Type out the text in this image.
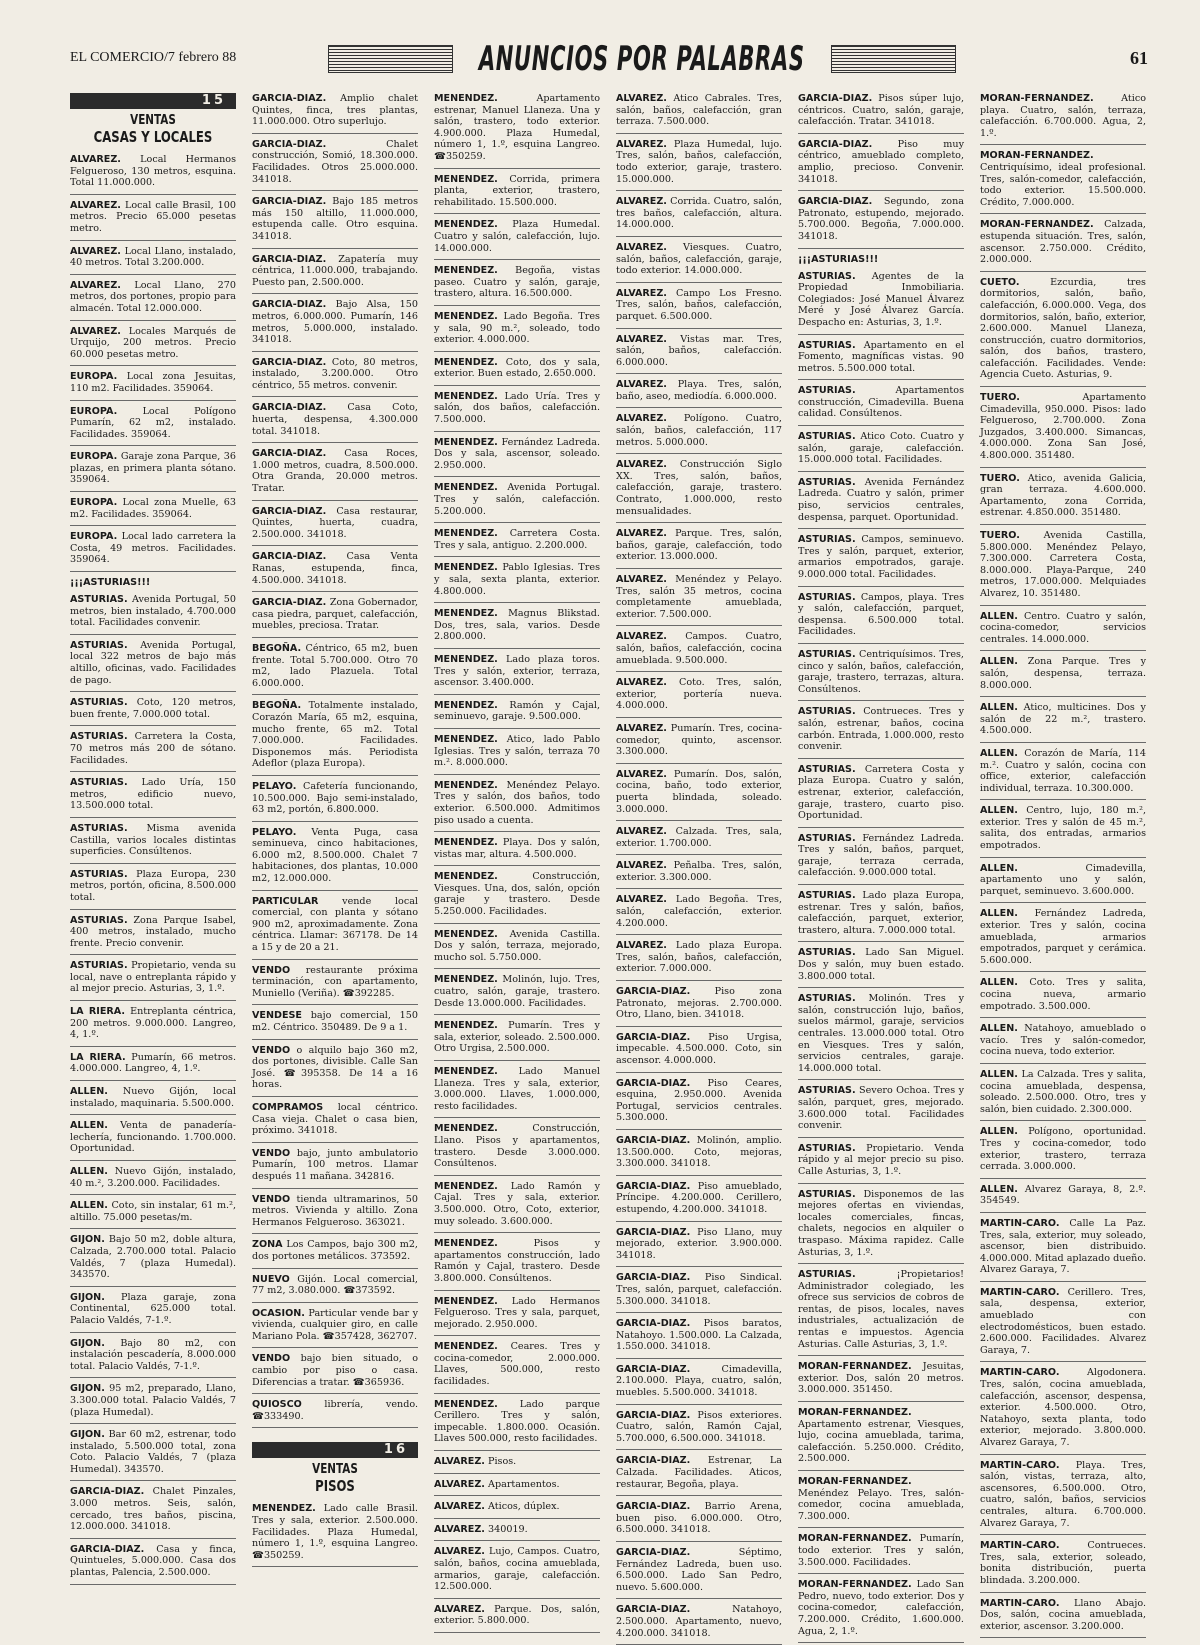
EL COMERCIO/7 febrero 88	ANUNCIOS POR PALABRAS	61
15
VENTAS
CASAS Y LOCALES
ALVAREZ. Local Hermanos Felgueroso, 130 metros, esquina. Total 11.000.000.
ALVAREZ. Local calle Brasil, 100 metros. Precio 65.000 pesetas metro.
ALVAREZ. Local Llano, instalado, 40 metros. Total 3.200.000.
ALVAREZ. Local Llano, 270 metros, dos portones, propio para almacén. Total 12.000.000.
ALVAREZ. Locales Marqués de Urquijo, 200 metros. Precio 60.000 pesetas metro.
EUROPA. Local zona Jesuitas, 110 m2. Facilidades. 359064.
EUROPA.	Local Polígono Pumarín, 62 m2, instalado. Facilidades. 359064.
EUROPA. Garaje zona Parque, 36 plazas, en primera planta sótano. 359064.
EUROPA. Local zona Muelle, 63 m2. Facilidades. 359064.
EUROPA. Local lado carretera la Costa, 49 metros. Facilidades. 359064.
¡¡¡ASTURIAS!!!
ASTURIAS. Avenida Portugal, 50 metros, bien instalado, 4.700.000 total. Facilidades convenir.
ASTURIAS. Avenida Portugal, local 322 metros de bajo más altillo, oficinas, vado. Facilidades de pago.
ASTURIAS. Coto, 120 metros, buen frente, 7.000.000 total.
ASTURIAS. Carretera la Costa, 70 metros más 200 de sótano. Facilidades.
ASTURIAS. Lado Uría, 150 metros, edificio nuevo, 13.500.000 total.
ASTURIAS. Misma avenida Castilla, varios locales distintas superficies. Consúltenos.
ASTURIAS. Plaza Europa, 230 metros, portón, oficina, 8.500.000 total.
ASTURIAS. Zona Parque Isabel, 400 metros, instalado, mucho frente. Precio convenir.
ASTURIAS. Propietario, venda su local, nave o entreplanta rápido y al mejor precio. Asturias, 3, 1.º.
LA RIERA. Entreplanta céntrica, 200 metros. 9.000.000. Langreo, 4, 1.º.
LA RIERA. Pumarín, 66 metros. 4.000.000. Langreo, 4, 1.º.
ALLEN. Nuevo Gijón, local instalado, maquinaria. 5.500.000.
ALLEN. Venta de panadería-lechería, funcionando. 1.700.000. Oportunidad.
ALLEN. Nuevo Gijón, instalado, 40 m.², 3.200.000. Facilidades.
ALLEN. Coto, sin instalar, 61 m.², altillo. 75.000 pesetas/m.
GIJON. Bajo 50 m2, doble altura, Calzada, 2.700.000 total. Palacio Valdés, 7 (plaza Humedal). 343570.
GIJON. Plaza garaje, zona Continental, 625.000 total. Palacio Valdés, 7-1.º.
GIJON. Bajo 80 m2, con instalación pescadería, 8.000.000 total. Palacio Valdés, 7-1.º.
GIJON. 95 m2, preparado, Llano, 3.300.000 total. Palacio Valdés, 7 (plaza Humedal).
GIJON. Bar 60 m2, estrenar, todo instalado, 5.500.000 total, zona Coto. Palacio Valdés, 7 (plaza Humedal). 343570.
GARCIA-DIAZ. Chalet Pinzales, 3.000 metros. Seis, salón, cercado, tres baños, piscina, 12.000.000. 341018.
GARCIA-DIAZ. Casa y finca, Quintueles, 5.000.000. Casa dos plantas, Palencia, 2.500.000.
GARCIA-DIAZ. Amplio chalet Quintes, finca, tres plantas, 11.000.000. Otro superlujo.
GARCIA-DIAZ.	Chalet construcción, Somió, 18.300.000. Facilidades. Otros 25.000.000. 341018.
GARCIA-DIAZ. Bajo 185 metros más 150 altillo, 11.000.000, estupenda calle. Otro esquina. 341018.
GARCIA-DIAZ. Zapatería muy céntrica, 11.000.000, trabajando. Puesto pan, 2.500.000.
GARCIA-DIAZ. Bajo Alsa, 150 metros, 6.000.000. Pumarín, 146 metros, 5.000.000, instalado. 341018.
GARCIA-DIAZ. Coto, 80 metros, instalado, 3.200.000. Otro céntrico, 55 metros. convenir.
GARCIA-DIAZ. Casa Coto, huerta, despensa, 4.300.000 total. 341018.
GARCIA-DIAZ. Casa Roces, 1.000 metros, cuadra, 8.500.000. Otra Granda, 20.000 metros. Tratar.
GARCIA-DIAZ. Casa restaurar, Quintes, huerta, cuadra, 2.500.000. 341018.
GARCIA-DIAZ. Casa Venta Ranas, estupenda, finca, 4.500.000. 341018.
GARCIA-DIAZ. Zona Gobernador, casa piedra, parquet, calefacción, muebles, preciosa. Tratar.
BEGOÑA. Céntrico, 65 m2, buen frente. Total 5.700.000. Otro 70 m2, lado Plazuela. Total 6.000.000.
BEGOÑA. Totalmente instalado, Corazón María, 65 m2, esquina, mucho frente, 65 m2. Total 7.000.000. Facilidades. Disponemos más. Periodista Adeflor (plaza Europa).
PELAYO. Cafetería funcionando, 10.500.000. Bajo semi-instalado, 63 m2, portón, 6.800.000.
PELAYO. Venta Puga, casa seminueva, cinco habitaciones, 6.000 m2, 8.500.000. Chalet 7 habitaciones, dos plantas, 10.000 m2, 12.000.000.
PARTICULAR vende local comercial, con planta y sótano 900 m2, aproximadamente. Zona céntrica. Llamar: 367178. De 14 a 15 y de 20 a 21.
VENDO restaurante próxima terminación, con apartamento, Muniello (Veriña). ☎392285.
VENDESE bajo comercial, 150 m2. Céntrico. 350489. De 9 a 1.
VENDO o alquilo bajo 360 m2, dos portones, divisible. Calle San José. ☎395358. De 14 a 16 horas.
COMPRAMOS local céntrico. Casa vieja. Chalet o casa bien, próximo. 341018.
VENDO bajo, junto ambulatorio Pumarín, 100 metros. Llamar después 11 mañana. 342816.
VENDO tienda ultramarinos, 50 metros. Vivienda y altillo. Zona Hermanos Felgueroso. 363021.
ZONA Los Campos, bajo 300 m2, dos portones metálicos. 373592.
NUEVO Gijón. Local comercial, 77 m2, 3.080.000. ☎373592.
OCASION. Particular vende bar y vivienda, cualquier giro, en calle Mariano Pola. ☎357428, 362707.
VENDO bajo bien situado, o cambio por piso o casa. Diferencias a tratar. ☎365936.
QUIOSCO librería, vendo. ☎333490.
16
VENTAS
PISOS
MENENDEZ. Lado calle Brasil. Tres y sala, exterior. 2.500.000. Facilidades. Plaza Humedal, número 1, 1.º, esquina Langreo. ☎350259.
MENENDEZ.	Apartamento estrenar, Manuel Llaneza. Una y salón, trastero, todo exterior. 4.900.000. Plaza Humedal, número 1, 1.º, esquina Langreo. ☎350259.
MENENDEZ. Corrida, primera planta, exterior, trastero, rehabilitado. 15.500.000.
MENENDEZ. Plaza Humedal. Cuatro y salón, calefacción, lujo. 14.000.000.
MENENDEZ. Begoña, vistas paseo. Cuatro y salón, garaje, trastero, altura. 16.500.000.
MENENDEZ. Lado Begoña. Tres y sala, 90 m.², soleado, todo exterior. 4.000.000.
MENENDEZ. Coto, dos y sala, exterior. Buen estado, 2.650.000.
MENENDEZ. Lado Uría. Tres y salón, dos baños, calefacción. 7.500.000.
MENENDEZ. Fernández Ladreda. Dos y sala, ascensor, soleado. 2.950.000.
MENENDEZ. Avenida Portugal. Tres y salón, calefacción. 5.200.000.
MENENDEZ. Carretera Costa. Tres y sala, antiguo. 2.200.000.
MENENDEZ. Pablo Iglesias. Tres y sala, sexta planta, exterior. 4.800.000.
MENENDEZ. Magnus Blikstad. Dos, tres, sala, varios. Desde 2.800.000.
MENENDEZ. Lado plaza toros. Tres y salón, exterior, terraza, ascensor. 3.400.000.
MENENDEZ. Ramón y Cajal, seminuevo, garaje. 9.500.000.
MENENDEZ. Atico, lado Pablo Iglesias. Tres y salón, terraza 70 m.². 8.000.000.
MENENDEZ. Menéndez Pelayo. Tres y salón, dos baños, todo exterior. 6.500.000. Admitimos piso usado a cuenta.
MENENDEZ. Playa. Dos y salón, vistas mar, altura. 4.500.000.
MENENDEZ.	Construcción, Viesques. Una, dos, salón, opción garaje y trastero. Desde 5.250.000. Facilidades.
MENENDEZ. Avenida Castilla. Dos y salón, terraza, mejorado, mucho sol. 5.750.000.
MENENDEZ. Molinón, lujo. Tres, cuatro, salón, garaje, trastero. Desde 13.000.000. Facilidades.
MENENDEZ. Pumarín. Tres y sala, exterior, soleado. 2.500.000. Otro Urgisa, 2.500.000.
MENENDEZ. Lado Manuel Llaneza. Tres y sala, exterior, 3.000.000. Llaves, 1.000.000, resto facilidades.
MENENDEZ.	Construcción, Llano. Pisos y apartamentos, trastero. Desde 3.000.000. Consúltenos.
MENENDEZ. Lado Ramón y Cajal. Tres y sala, exterior. 3.500.000. Otro, Coto, exterior, muy soleado. 3.600.000.
MENENDEZ.	Pisos y apartamentos construcción, lado Ramón y Cajal, trastero. Desde 3.800.000. Consúltenos.
MENENDEZ. Lado Hermanos Felgueroso. Tres y sala, parquet, mejorado. 2.950.000.
MENENDEZ. Ceares. Tres y cocina-comedor, 2.000.000. Llaves, 500.000, resto facilidades.
MENENDEZ. Lado parque Cerillero. Tres y salón, impecable. 1.800.000. Ocasión. Llaves 500.000, resto facilidades.
ALVAREZ. Pisos.
ALVAREZ. Apartamentos.
ALVAREZ. Aticos, dúplex.
ALVAREZ. 340019.
ALVAREZ. Lujo, Campos. Cuatro, salón, baños, cocina amueblada, armarios, garaje, calefacción. 12.500.000.
ALVAREZ. Parque. Dos, salón, exterior. 5.800.000.
ALVAREZ. Atico Cabrales. Tres, salón, baños, calefacción, gran terraza. 7.500.000.
ALVAREZ. Plaza Humedal, lujo. Tres, salón, baños, calefacción, todo exterior, garaje, trastero. 15.000.000.
ALVAREZ. Corrida. Cuatro, salón, tres baños, calefacción, altura. 14.000.000.
ALVAREZ. Viesques. Cuatro, salón, baños, calefacción, garaje, todo exterior. 14.000.000.
ALVAREZ. Campo Los Fresno. Tres, salón, baños, calefacción, parquet. 6.500.000.
ALVAREZ. Vistas mar. Tres, salón, baños, calefacción. 6.000.000.
ALVAREZ. Playa. Tres, salón, baño, aseo, mediodía. 6.000.000.
ALVAREZ. Polígono. Cuatro, salón, baños, calefacción, 117 metros. 5.000.000.
ALVAREZ. Construcción Siglo XX. Tres, salón, baños, calefacción, garaje, trastero. Contrato, 1.000.000, resto mensualidades.
ALVAREZ. Parque. Tres, salón, baños, garaje, calefacción, todo exterior. 13.000.000.
ALVAREZ. Menéndez y Pelayo. Tres, salón 35 metros, cocina completamente amueblada, exterior. 7.500.000.
ALVAREZ. Campos. Cuatro, salón, baños, calefacción, cocina amueblada. 9.500.000.
ALVAREZ. Coto. Tres, salón, exterior, portería nueva. 4.000.000.
ALVAREZ. Pumarín. Tres, cocina-comedor, quinto, ascensor. 3.300.000.
ALVAREZ. Pumarín. Dos, salón, cocina, baño, todo exterior, puerta blindada, soleado. 3.000.000.
ALVAREZ. Calzada. Tres, sala, exterior. 1.700.000.
ALVAREZ. Peñalba. Tres, salón, exterior. 3.300.000.
ALVAREZ. Lado Begoña. Tres, salón, calefacción, exterior. 4.200.000.
ALVAREZ. Lado plaza Europa. Tres, salón, baños, calefacción, exterior. 7.000.000.
GARCIA-DIAZ.	Piso zona Patronato, mejoras. 2.700.000. Otro, Llano, bien. 341018.
GARCIA-DIAZ. Piso Urgisa, impecable. 4.500.000. Coto, sin ascensor. 4.000.000.
GARCIA-DIAZ. Piso Ceares, esquina, 2.950.000. Avenida Portugal, servicios centrales. 5.300.000.
GARCIA-DIAZ. Molinón, amplio. 13.500.000. Coto, mejoras, 3.300.000. 341018.
GARCIA-DIAZ. Piso amueblado, Príncipe. 4.200.000. Cerillero, estupendo, 4.200.000. 341018.
GARCIA-DIAZ. Piso Llano, muy mejorado, exterior. 3.900.000. 341018.
GARCIA-DIAZ. Piso Sindical. Tres, salón, parquet, calefacción. 5.300.000. 341018.
GARCIA-DIAZ. Pisos baratos, Natahoyo. 1.500.000. La Calzada, 1.550.000. 341018.
GARCIA-DIAZ.	Cimadevilla, 2.100.000. Playa, cuatro, salón, muebles. 5.500.000. 341018.
GARCIA-DIAZ. Pisos exteriores. Cuatro, salón, Ramón Cajal, 5.700.000, 6.500.000. 341018.
GARCIA-DIAZ. Estrenar, La Calzada. Facilidades. Aticos, restaurar, Begoña, playa.
GARCIA-DIAZ. Barrio Arena, buen piso. 6.000.000. Otro, 6.500.000. 341018.
GARCIA-DIAZ.	Séptimo, Fernández Ladreda, buen uso. 6.500.000. Lado San Pedro, nuevo. 5.600.000.
GARCIA-DIAZ.	Natahoyo, 2.500.000. Apartamento, nuevo, 4.200.000. 341018.
GARCIA-DIAZ. Pisos súper lujo, céntricos. Cuatro, salón, garaje, calefacción. Tratar. 341018.
GARCIA-DIAZ.	Piso muy céntrico, amueblado completo, amplio, precioso. Convenir. 341018.
GARCIA-DIAZ. Segundo, zona Patronato, estupendo, mejorado. 5.700.000. Begoña, 7.000.000. 341018.
¡¡¡ASTURIAS!!!
ASTURIAS. Agentes de la Propiedad Inmobiliaria. Colegiados: José Manuel Álvarez Meré y José Álvarez García. Despacho en: Asturias, 3, 1.º.
ASTURIAS. Apartamento en el Fomento, magníficas vistas. 90 metros. 5.500.000 total.
ASTURIAS.	Apartamentos construcción, Cimadevilla. Buena calidad. Consúltenos.
ASTURIAS. Atico Coto. Cuatro y salón, garaje, calefacción. 15.000.000 total. Facilidades.
ASTURIAS. Avenida Fernández Ladreda. Cuatro y salón, primer piso, servicios centrales, despensa, parquet. Oportunidad.
ASTURIAS. Campos, seminuevo. Tres y salón, parquet, exterior, armarios empotrados, garaje. 9.000.000 total. Facilidades.
ASTURIAS. Campos, playa. Tres y salón, calefacción, parquet, despensa. 6.500.000 total. Facilidades.
ASTURIAS. Centriquísimos. Tres, cinco y salón, baños, calefacción, garaje, trastero, terrazas, altura. Consúltenos.
ASTURIAS. Contrueces. Tres y salón, estrenar, baños, cocina carbón. Entrada, 1.000.000, resto convenir.
ASTURIAS. Carretera Costa y plaza Europa. Cuatro y salón, estrenar, exterior, calefacción, garaje, trastero, cuarto piso. Oportunidad.
ASTURIAS. Fernández Ladreda. Tres y salón, baños, parquet, garaje, terraza cerrada, calefacción. 9.000.000 total.
ASTURIAS. Lado plaza Europa, estrenar. Tres y salón, baños, calefacción, parquet, exterior, trastero, altura. 7.000.000 total.
ASTURIAS. Lado San Miguel. Dos y salón, muy buen estado. 3.800.000 total.
ASTURIAS. Molinón. Tres y salón, construcción lujo, baños, suelos mármol, garaje, servicios centrales. 13.000.000 total. Otro en Viesques. Tres y salón, servicios centrales, garaje. 14.000.000 total.
ASTURIAS. Severo Ochoa. Tres y salón, parquet, gres, mejorado. 3.600.000 total. Facilidades convenir.
ASTURIAS. Propietario. Venda rápido y al mejor precio su piso. Calle Asturias, 3, 1.º.
ASTURIAS. Disponemos de las mejores ofertas en viviendas, locales comerciales, fincas, chalets, negocios en alquiler o traspaso. Máxima rapidez. Calle Asturias, 3, 1.º.
ASTURIAS.	¡Propietarios! Administrador colegiado, les ofrece sus servicios de cobros de rentas, de pisos, locales, naves industriales, actualización de rentas e impuestos. Agencia Asturias. Calle Asturias, 3, 1.º.
MORAN-FERNANDEZ. Jesuitas, exterior. Dos, salón 20 metros. 3.000.000. 351450.
MORAN-FERNANDEZ. Apartamento estrenar, Viesques, lujo, cocina amueblada, tarima, calefacción. 5.250.000. Crédito, 2.500.000.
MORAN-FERNANDEZ. Menéndez Pelayo. Tres, salón-comedor, cocina amueblada, 7.300.000.
MORAN-FERNANDEZ. Pumarín, todo exterior. Tres y salón, 3.500.000. Facilidades.
MORAN-FERNANDEZ. Lado San Pedro, nuevo, todo exterior. Dos y cocina-comedor, calefacción, 7.200.000. Crédito, 1.600.000. Agua, 2, 1.º.
MORAN-FERNANDEZ.	Atico playa. Cuatro, salón, terraza, calefacción. 6.700.000. Agua, 2, 1.º.
MORAN-FERNANDEZ. Centriquísimo, ideal profesional. Tres, salón-comedor, calefacción, todo exterior. 15.500.000. Crédito, 7.000.000.
MORAN-FERNANDEZ. Calzada, estupenda situación. Tres, salón, ascensor. 2.750.000. Crédito, 2.000.000.
CUETO.	Ezcurdia, tres dormitorios, salón, baño, calefacción, 6.000.000. Vega, dos dormitorios, salón, baño, exterior, 2.600.000. Manuel Llaneza, construcción, cuatro dormitorios, salón, dos baños, trastero, calefacción. Facilidades. Vende: Agencia Cueto. Asturias, 9.
TUERO.	Apartamento Cimadevilla, 950.000. Pisos: lado Felgueroso, 2.700.000. Zona Juzgados, 3.400.000. Simancas, 4.000.000. Zona San José, 4.800.000. 351480.
TUERO. Atico, avenida Galicia, gran terraza. 4.600.000. Apartamento, zona Corrida, estrenar. 4.850.000. 351480.
TUERO. Avenida Castilla, 5.800.000. Menéndez Pelayo, 7.300.000. Carretera Costa, 8.000.000. Playa-Parque, 240 metros, 17.000.000. Melquiades Alvarez, 10. 351480.
ALLEN. Centro. Cuatro y salón, cocina-comedor, servicios centrales. 14.000.000.
ALLEN. Zona Parque. Tres y salón, despensa, terraza. 8.000.000.
ALLEN. Atico, multicines. Dos y salón de 22 m.², trastero. 4.500.000.
ALLEN. Corazón de María, 114 m.². Cuatro y salón, cocina con office, exterior, calefacción individual, terraza. 10.300.000.
ALLEN. Centro, lujo, 180 m.², exterior. Tres y salón de 45 m.², salita, dos entradas, armarios empotrados.
ALLEN.	Cimadevilla, apartamento uno y salón, parquet, seminuevo. 3.600.000.
ALLEN. Fernández Ladreda, exterior. Tres y salón, cocina amueblada, armarios empotrados, parquet y cerámica. 5.600.000.
ALLEN. Coto. Tres y salita, cocina nueva, armario empotrado. 3.500.000.
ALLEN. Natahoyo, amueblado o vacío. Tres y salón-comedor, cocina nueva, todo exterior.
ALLEN. La Calzada. Tres y salita, cocina amueblada, despensa, soleado. 2.500.000. Otro, tres y salón, bien cuidado. 2.300.000.
ALLEN. Polígono, oportunidad. Tres y cocina-comedor, todo exterior, trastero, terraza cerrada. 3.000.000.
ALLEN. Alvarez Garaya, 8, 2.º. 354549.
MARTIN-CARO. Calle La Paz. Tres, sala, exterior, muy soleado, ascensor, bien distribuido. 4.000.000. Mitad aplazado dueño. Alvarez Garaya, 7.
MARTIN-CARO. Cerillero. Tres, sala, despensa, exterior, amueblado con electrodomésticos, buen estado. 2.600.000. Facilidades. Alvarez Garaya, 7.
MARTIN-CARO.	Algodonera. Tres, salón, cocina amueblada, calefacción, ascensor, despensa, exterior. 4.500.000. Otro, Natahoyo, sexta planta, todo exterior, mejorado. 3.800.000. Alvarez Garaya, 7.
MARTIN-CARO. Playa. Tres, salón, vistas, terraza, alto, ascensores, 6.500.000. Otro, cuatro, salón, baños, servicios centrales, altura. 6.700.000. Alvarez Garaya, 7.
MARTIN-CARO.	Contrueces. Tres, sala, exterior, soleado, bonita distribución, puerta blindada. 3.200.000.
MARTIN-CARO. Llano Abajo. Dos, salón, cocina amueblada, exterior, ascensor. 3.200.000.
